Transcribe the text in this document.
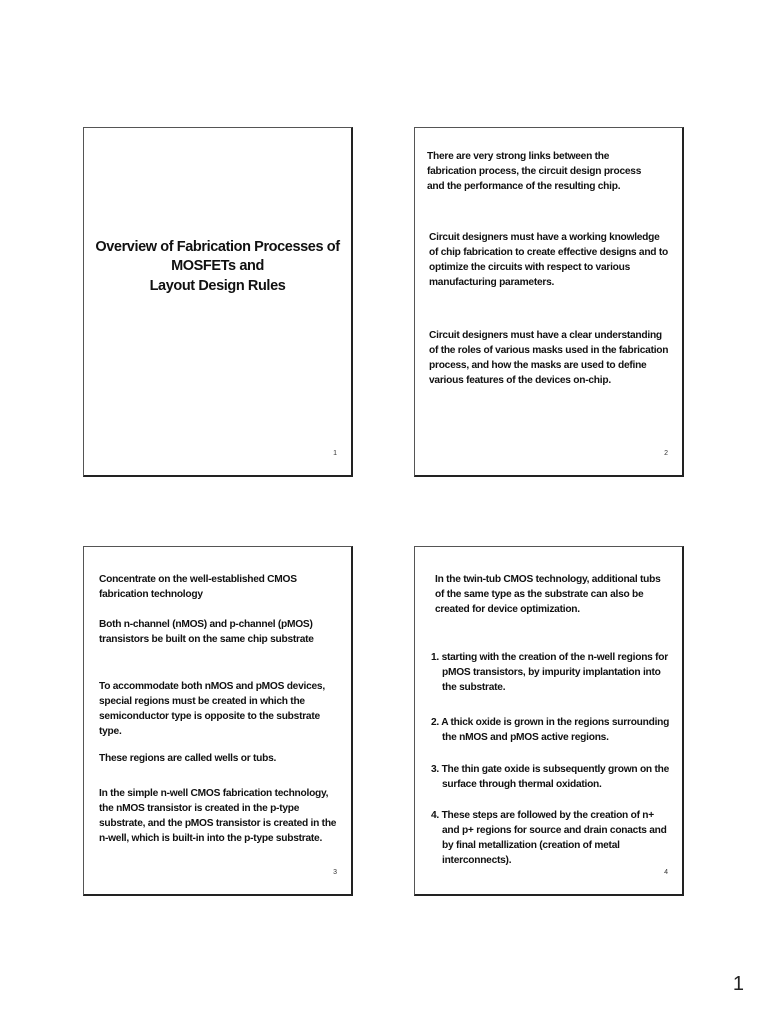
Overview of Fabrication Processes of
MOSFETs and
Layout Design Rules
1

There are very strong links between the fabrication process, the circuit design process and the performance of the resulting chip.

Circuit designers must have a working knowledge of chip fabrication to create effective designs and to optimize the circuits with respect to various manufacturing parameters.

Circuit designers must have a clear understanding of the roles of various masks used in the fabrication process, and how the masks are used to define various features of the devices on-chip.

2

Concentrate on the well-established CMOS fabrication technology

Both n-channel (nMOS) and p-channel (pMOS) transistors be built on the same chip substrate

To accommodate both nMOS and pMOS devices, special regions must be created in which the semiconductor type is opposite to the substrate type.

These regions are called wells or tubs.

In the simple n-well CMOS fabrication technology, the nMOS transistor is created in the p-type substrate, and the pMOS transistor is created in the n-well, which is built-in into the p-type substrate.

3

In the twin-tub CMOS technology, additional tubs of the same type as the substrate can also be created for device optimization.

1. starting with the creation of the n-well regions for pMOS transistors, by impurity implantation into the substrate.
2. A thick oxide is grown in the regions surrounding the nMOS and pMOS active regions.
3. The thin gate oxide is subsequently grown on the surface through thermal oxidation.
4. These steps are followed by the creation of n+ and p+ regions for source and drain conacts and by final metallization (creation of metal interconnects).
4
1
